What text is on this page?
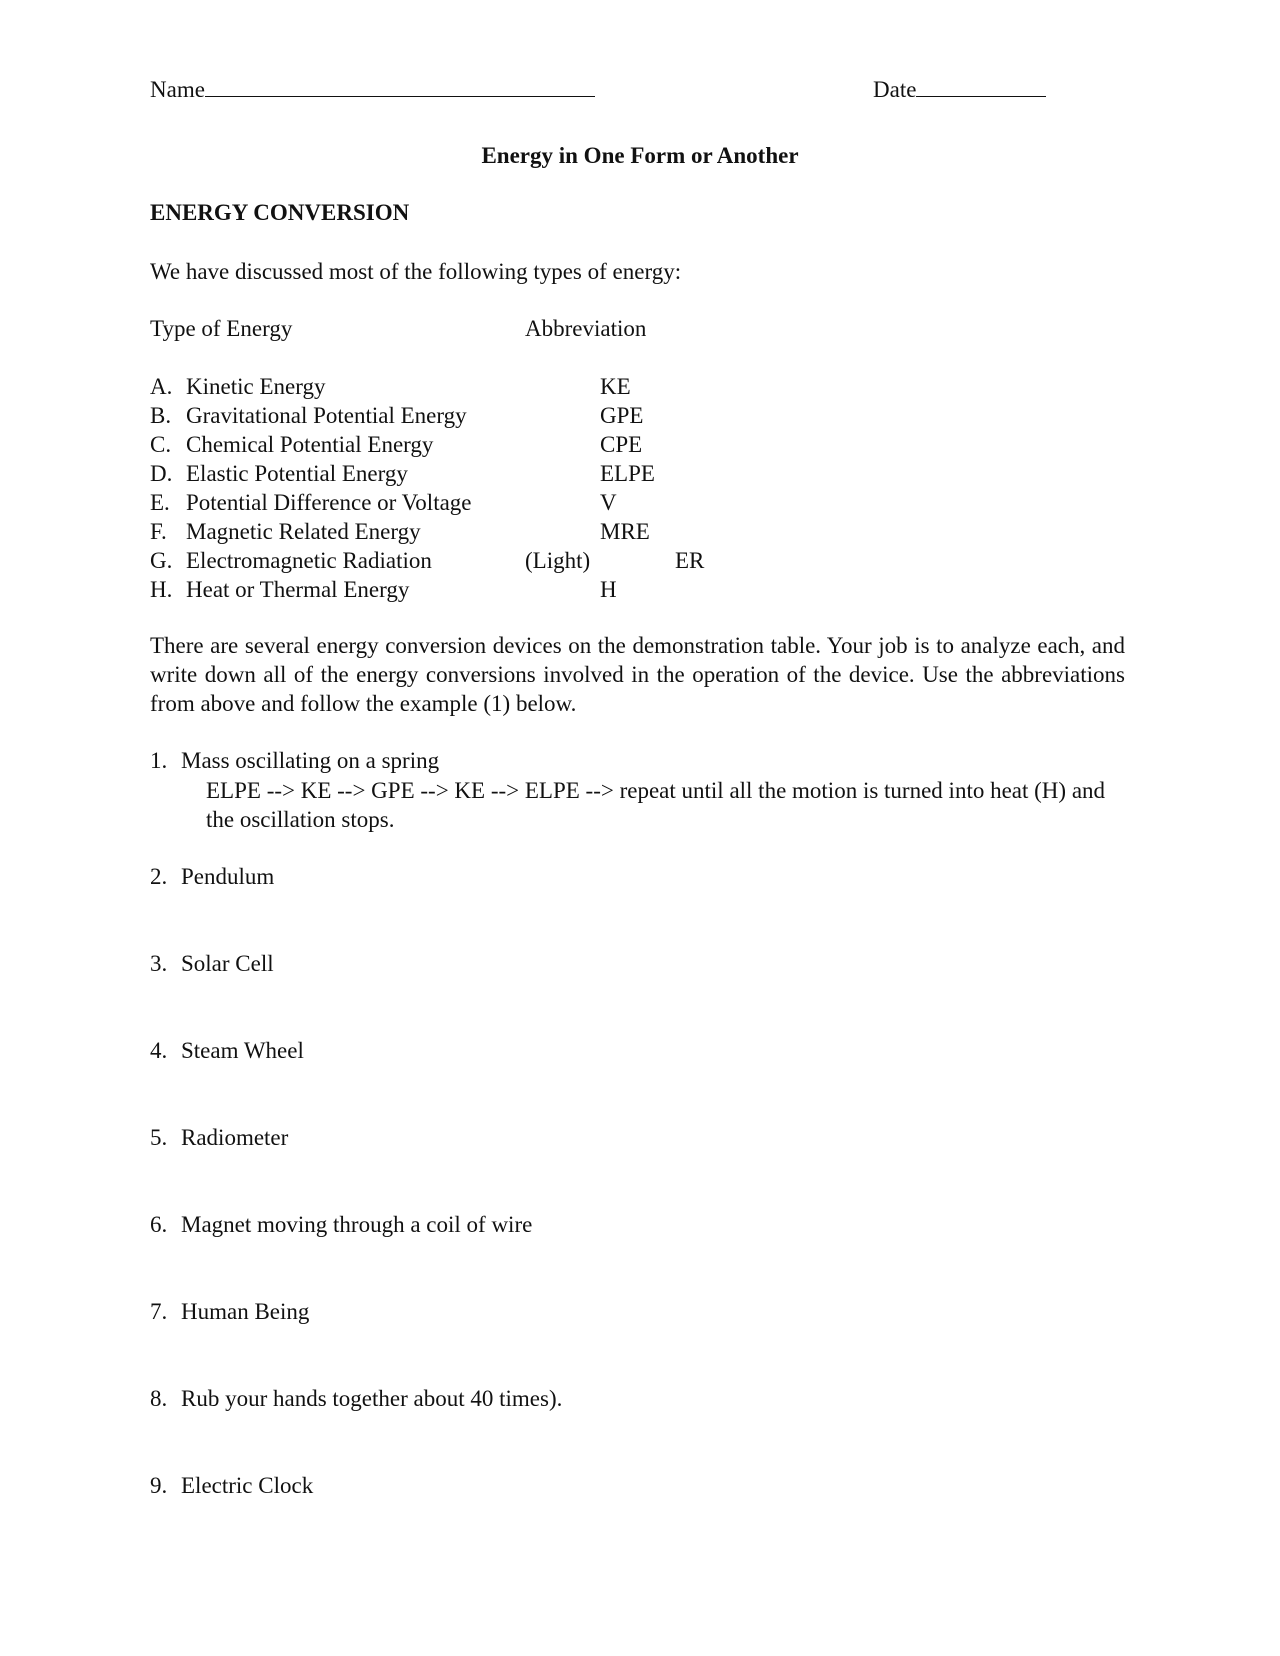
Name	Date
Energy in One Form or Another
ENERGY CONVERSION
We have discussed most of the following types of energy:
Type of Energy	Abbreviation
A. Kinetic Energy	KE
B. Gravitational Potential Energy	GPE
C. Chemical Potential Energy	CPE
D. Elastic Potential Energy	ELPE
E. Potential Difference or Voltage	V
F. Magnetic Related Energy	MRE
G. Electromagnetic Radiation	(Light)	ER
H. Heat or Thermal Energy	H
There are several energy conversion devices on the demonstration table. Your job is to analyze each, and write down all of the energy conversions involved in the operation of the device. Use the abbreviations from above and follow the example (1) below.
1. Mass oscillating on a spring
ELPE --> KE --> GPE --> KE --> ELPE --> repeat until all the motion is turned into heat (H) and the oscillation stops.
2. Pendulum
3. Solar Cell
4. Steam Wheel
5. Radiometer
6. Magnet moving through a coil of wire
7. Human Being
8. Rub your hands together about 40 times).
9. Electric Clock
